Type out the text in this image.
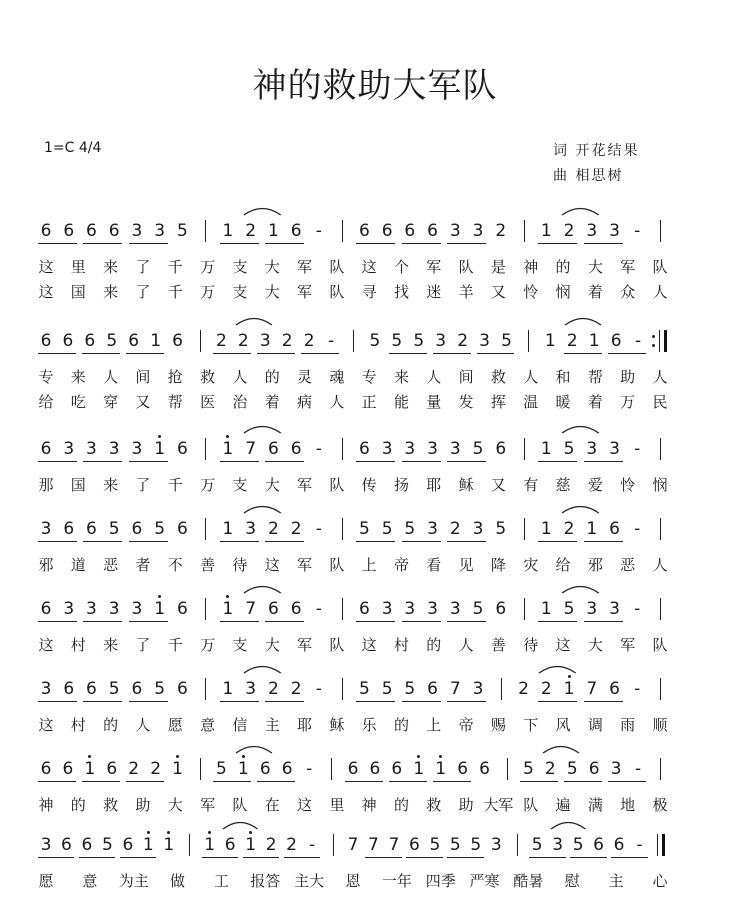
神的救助大军队
1=C 4/4	词 开花结果
曲 相思树
6 6 6 6 3 3 5 1 2 1 6 - 6 6 6 6 3 3 2 1 2 3 3 -
这 里 来 了 千 万 支 大 军 队 这 个 军 队 是 神 的 大 军 队
这 国 来 了 千 万 支 大 军 队 寻 找 迷 羊 又 怜 悯 着 众 人
6 6 6 5 6 1 6 2 2 3 2 2 - 5 5 5 3 2 3 5 1 2 1 6 -
专 来 人 间 抢 救 人 的 灵 魂 专 来 人 间 救 人 和 帮 助 人
给 吃 穿 又 帮 医 治 着 病 人 正 能 量 发 挥 温 暖 着 万 民
6 3 3 3 3 1 6 1 7 6 6 - 6 3 3 3 3 5 6 1 5 3 3 -
那 国 来 了 千 万 支 大 军 队 传 扬 耶 稣 又 有 慈 爱 怜 悯
3 6 6 5 6 5 6 1 3 2 2 - 5 5 5 3 2 3 5 1 2 1 6 -
邪 道 恶 者 不 善 待 这 军 队 上 帝 看 见 降 灾 给 邪 恶 人
6 3 3 3 3 1 6 1 7 6 6 - 6 3 3 3 3 5 6 1 5 3 3 -
这 村 来 了 千 万 支 大 军 队 这 村 的 人 善 待 这 大 军 队
3 6 6 5 6 5 6 1 3 2 2 - 5 5 5 6 7 3 2 2 1 7 6 -
这 村 的 人 愿 意 信 主 耶 稣 乐 的 上 帝 赐 下 风 调 雨 顺
6 6 1 6 2 2 1 5 1 6 6 - 6 6 6 1 1 6 6 5 2 5 6 3 -
神 的 救 助 大 军 队 在 这 里 神 的 救 助 大军 队 遍 满 地 极
3 6 6 5 6 1 1 1 6 1 2 2 - 7 7 7 6 5 5 5 3 5 3 5 6 6 -
愿 意 为主 做 工 报答 主大 恩 一年 四季 严寒 酷暑 慰 主 心
